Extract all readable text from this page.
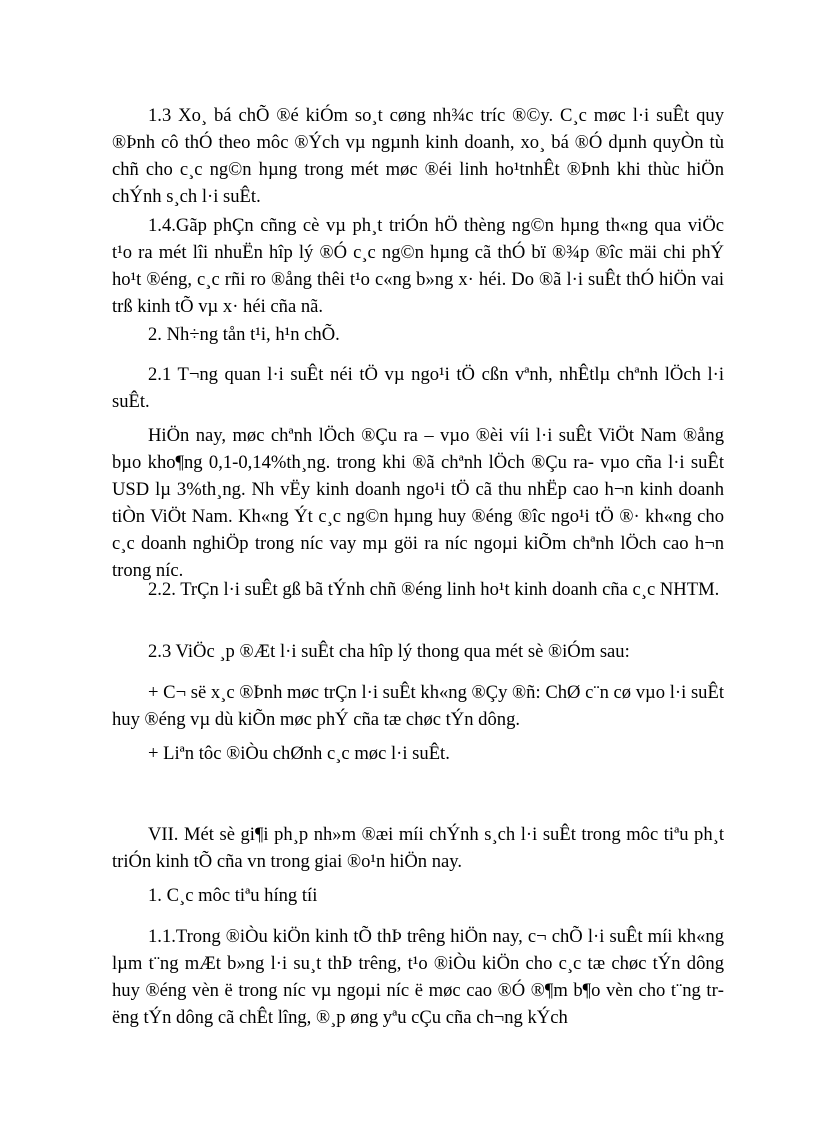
1.3 Xo¸ bá chÕ ®é kiÓm so¸t cøng nh¾c tríc ®©y. C¸c møc l·i suÊt quy ®Þnh cô thÓ theo môc ®Ých vµ ngµnh kinh doanh, xo¸ bá ®Ó dµnh quyÒn tù chñ cho c¸c ng©n hµng trong mét møc ®éi linh ho¹tnhÊt ®Þnh khi thùc hiÖn chÝnh s¸ch l·i suÊt.

1.4.Gãp phÇn cñng cè vµ ph¸t triÓn hÖ thèng ng©n hµng th«ng qua viÖc t¹o ra mét lîi nhuËn hîp lý ®Ó c¸c ng©n hµng cã thÓ bï ®¾p ®îc mäi chi phÝ ho¹t ®éng, c¸c rñi ro ®ång thêi t¹o c«ng b»ng x· héi. Do ®ã l·i suÊt thÓ hiÖn vai trß kinh tÕ vµ x· héi cña nã.

2. Nh÷ng tån t¹i, h¹n chÕ.

2.1 T¬ng quan l·i suÊt néi tÖ vµ ngo¹i tÖ cßn vªnh, nhÊtlµ chªnh lÖch l·i suÊt.

HiÖn nay, møc chªnh lÖch ®Çu ra – vµo ®èi víi l·i suÊt ViÖt Nam ®ång bµo kho¶ng 0,1-0,14%th¸ng. trong khi ®ã chªnh lÖch ®Çu ra- vµo cña l·i suÊt USD lµ 3%th¸ng. Nh vËy kinh doanh ngo¹i tÖ cã thu nhËp cao h¬n kinh doanh tiÒn ViÖt Nam. Kh«ng Ýt c¸c ng©n hµng huy ®éng ®îc ngo¹i tÖ ®· kh«ng cho c¸c doanh nghiÖp trong níc vay mµ göi ra níc ngoµi kiÕm chªnh lÖch cao h¬n trong níc.

2.2. TrÇn l·i suÊt gß bã tÝnh chñ ®éng linh ho¹t kinh doanh cña c¸c NHTM.

2.3 ViÖc ¸p ®Æt l·i suÊt cha hîp lý thong qua mét sè ®iÓm sau:

+ C¬ së x¸c ®Þnh møc trÇn l·i suÊt kh«ng ®Çy ®ñ: ChØ c¨n cø vµo l·i suÊt huy ®éng vµ dù kiÕn møc phÝ cña tæ chøc tÝn dông.

+ Liªn tôc ®iÒu chØnh c¸c møc l·i suÊt.

VII. Mét sè gi¶i ph¸p nh»m ®æi míi chÝnh s¸ch l·i suÊt trong môc tiªu ph¸t triÓn kinh tÕ cña vn trong giai ®o¹n hiÖn nay.

1. C¸c môc tiªu híng tíi

1.1.Trong ®iÒu kiÖn kinh tÕ thÞ trêng hiÖn nay, c¬ chÕ l·i suÊt míi kh«ng lµm t¨ng mÆt b»ng l·i su¸t thÞ trêng, t¹o ®iÒu kiÖn cho c¸c tæ chøc tÝn dông huy ®éng vèn ë trong níc vµ ngoµi níc ë møc cao ®Ó ®¶m b¶o vèn cho t¨ng trëng tÝn dông cã chÊt lîng, ®¸p øng yªu cÇu cña ch¬ng kÝch
